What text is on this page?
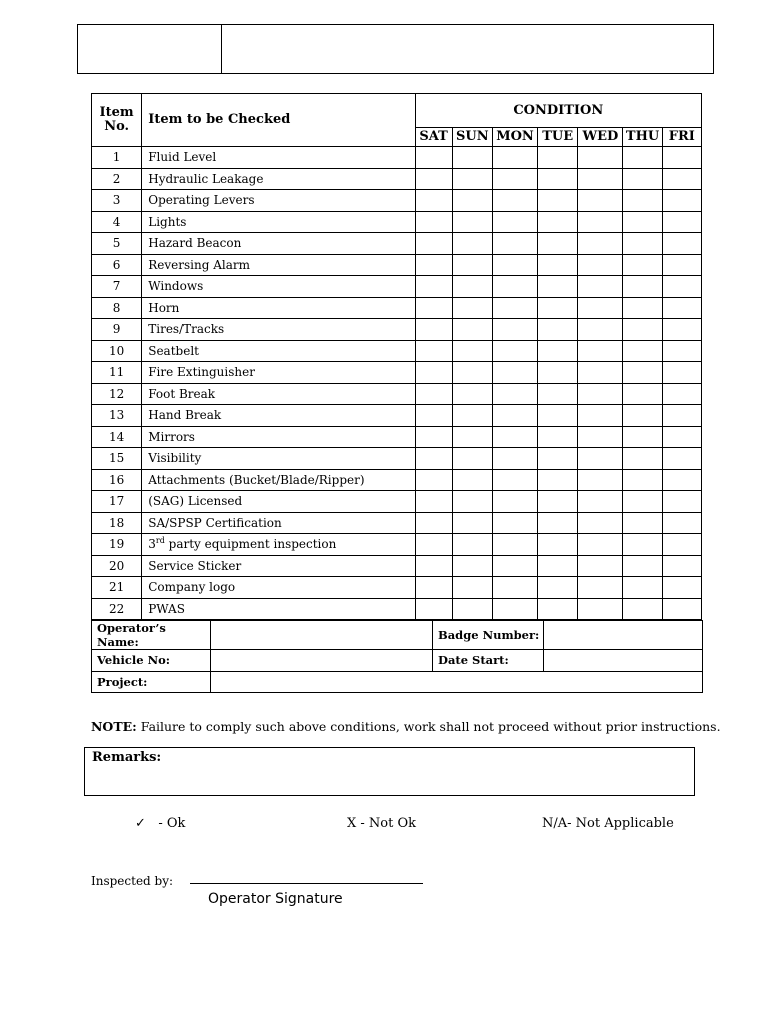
Item No.	Item to be Checked	CONDITION						
		SAT	SUN	MON	TUE	WED	THU	FRI
1	Fluid Level							
2	Hydraulic Leakage							
3	Operating Levers							
4	Lights							
5	Hazard Beacon							
6	Reversing Alarm							
7	Windows							
8	Horn							
9	Tires/Tracks							
10	Seatbelt							
11	Fire Extinguisher							
12	Foot Break							
13	Hand Break							
14	Mirrors							
15	Visibility							
16	Attachments (Bucket/Blade/Ripper)							
17	(SAG) Licensed							
18	SA/SPSP Certification							
19	3rd party equipment inspection							
20	Service Sticker							
21	Company logo							
22	PWAS							
Operator’s Name:		Badge Number:	
Vehicle No:		Date Start:	
Project:			
NOTE: Failure to comply such above conditions, work shall not proceed without prior instructions.
Remarks:
✓ - Ok	X - Not Ok	N/A- Not Applicable
Inspected by:
Operator Signature
